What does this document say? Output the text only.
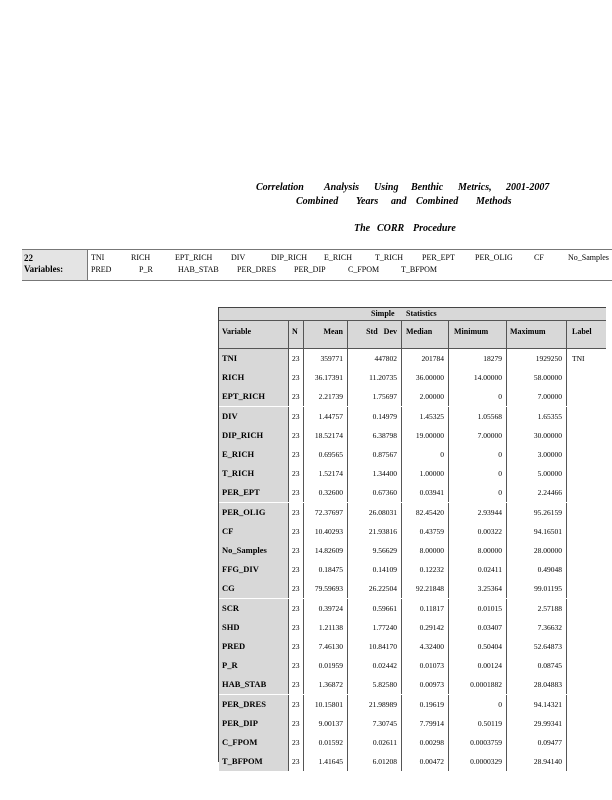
Correlation Analysis Using Benthic Metrics, 2001-2007
Combined Years and Combined Methods
The CORR Procedure
22
Variables:
TNI	RICH	EPT_RICH DIV	DIP_RICH E_RICH	T_RICH PER_EPT	PER_OLIG	CF	No_Samples
PRED	P_R	HAB_STAB PER_DRES PER_DIP	C_FPOM	T_BFPOM
Simple Statistics
Variable	N	Mean	Std Dev	Median	Minimum	Maximum	Label
TNI	23	359771	447802	201784	18279	1929250	TNI
RICH	23	36.17391	11.20735	36.00000	14.00000	58.00000
EPT_RICH	23	2.21739	1.75697	2.00000	0	7.00000
DIV	23	1.44757	0.14979	1.45325	1.05568	1.65355
DIP_RICH	23	18.52174	6.38798	19.00000	7.00000	30.00000
E_RICH	23	0.69565	0.87567	0	0	3.00000
T_RICH	23	1.52174	1.34400	1.00000	0	5.00000
PER_EPT	23	0.32600	0.67360	0.03941	0	2.24466
PER_OLIG	23	72.37697	26.08031	82.45420	2.93944	95.26159
CF	23	10.40293	21.93816	0.43759	0.00322	94.16501
No_Samples	23	14.82609	9.56629	8.00000	8.00000	28.00000
FFG_DIV	23	0.18475	0.14109	0.12232	0.02411	0.49048
CG	23	79.59693	26.22504	92.21848	3.25364	99.01195
SCR	23	0.39724	0.59661	0.11817	0.01015	2.57188
SHD	23	1.21138	1.77240	0.29142	0.03407	7.36632
PRED	23	7.46130	10.84170	4.32400	0.50404	52.64873
P_R	23	0.01959	0.02442	0.01073	0.00124	0.08745
HAB_STAB	23	1.36872	5.82580	0.00973	0.0001882	28.04883
PER_DRES	23	10.15801	21.98989	0.19619	0	94.14321
PER_DIP	23	9.00137	7.30745	7.79914	0.50119	29.99341
C_FPOM	23	0.01592	0.02611	0.00298	0.0003759	0.09477
T_BFPOM	23	1.41645	6.01208	0.00472	0.0000329	28.94140
